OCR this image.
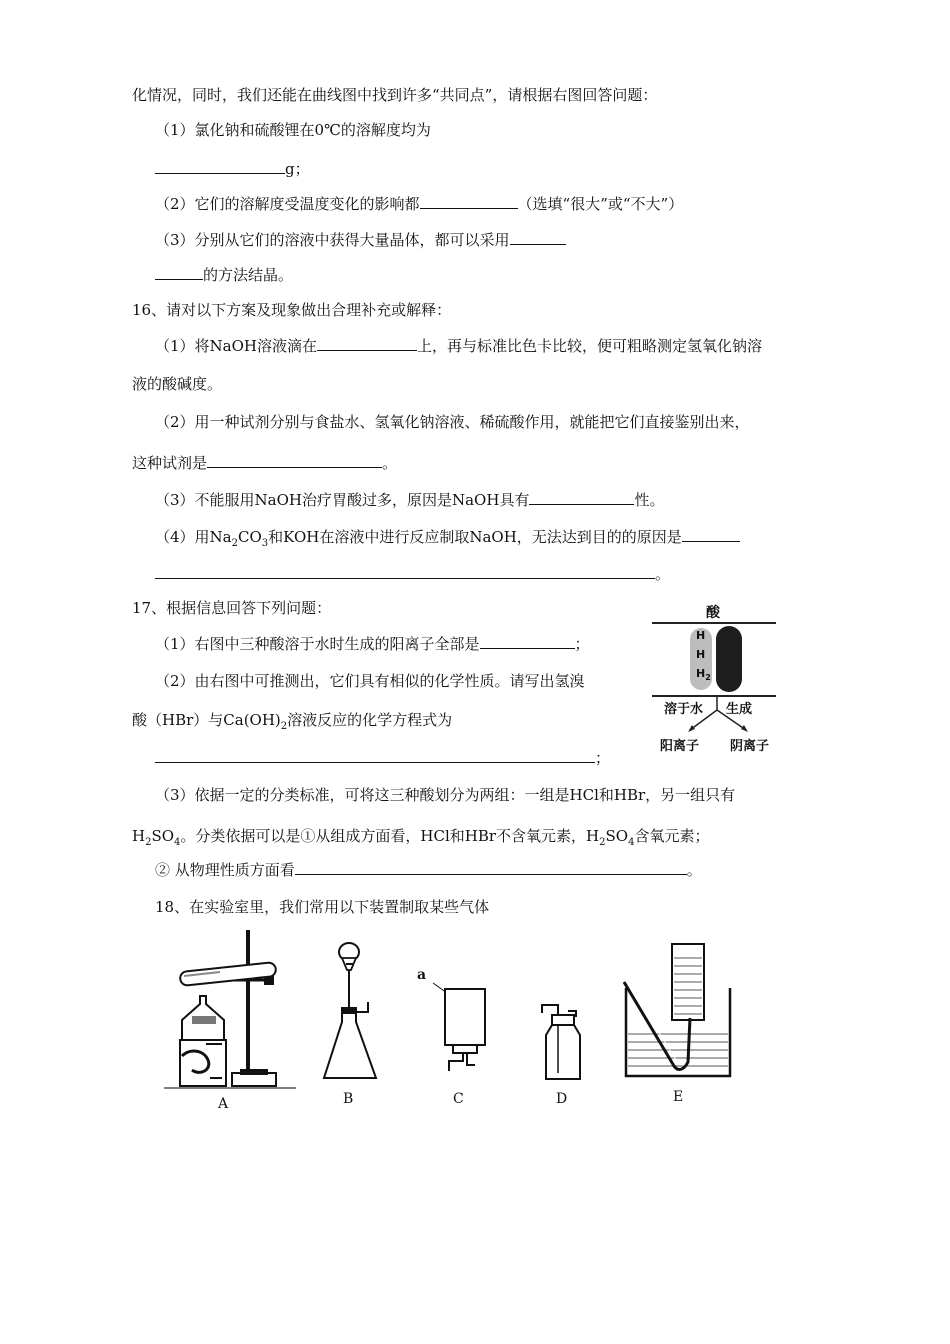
化情况，同时，我们还能在曲线图中找到许多“共同点”，请根据右图回答问题：
（1）氯化钠和硫酸锂在0℃的溶解度均为
g；
（2）它们的溶解度受温度变化的影响都	（选填“很大”或“不大”）
（3）分别从它们的溶液中获得大量晶体，都可以采用
的方法结晶。
16、请对以下方案及现象做出合理补充或解释：
（1）将NaOH溶液滴在	上，再与标准比色卡比较，便可粗略测定氢氧化钠溶
液的酸碱度。
（2）用一种试剂分别与食盐水、氢氧化钠溶液、稀硫酸作用，就能把它们直接鉴别出来，
这种试剂是	。
（3）不能服用NaOH治疗胃酸过多，原因是NaOH具有	性。
（4）用$Na_2CO_3$和KOH在溶液中进行反应制取NaOH，无法达到目的的原因是
。
17、根据信息回答下列问题：
（1）右图中三种酸溶于水时生成的阳离子全部是	；
（2）由右图中可推测出，它们具有相似的化学性质。请写出氢溴
酸（HBr）与$Ca(OH)_2$溶液反应的化学方程式为
；
（3）依据一定的分类标准，可将这三种酸划分为两组：一组是HCl和HBr，另一组只有
$H_2SO_4$。分类依据可以是①从组成方面看，HCl和HBr不含氧元素，$H_2SO_4$含氧元素；
② 从物理性质方面看	。
酸
H
H
$H_2$
溶于水 生成
阳离子 阴离子
18、在实验室里，我们常用以下装置制取某些气体
A	B
a
C	D	E
